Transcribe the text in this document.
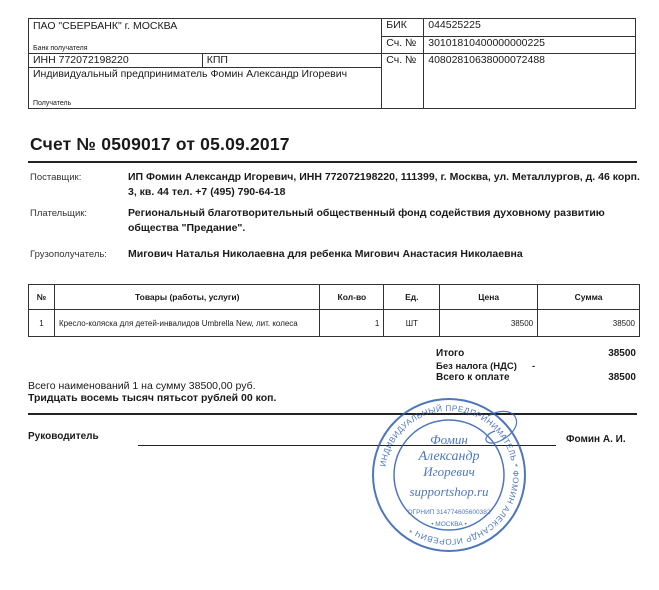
ПАО "СБЕРБАНК" г. МОСКВА
Банк получателя		БИК	044525225
		Сч. №	30101810400000000225
ИНН 772072198220	КПП	Сч. №	40802810638000072488

Индивидуальный предприниматель Фомин Александр Игоревич
Получатель			
Счет № 0509017 от 05.09.2017
Поставщик:	ИП Фомин Александр Игоревич, ИНН 772072198220, 111399, г. Москва, ул. Металлургов, д. 46 корп. 3, кв. 44 тел. +7 (495) 790-64-18
Плательщик:	Региональный благотворительный общественный фонд содействия духовному развитию общества "Предание".
Грузополучатель: Мигович Наталья Николаевна для ребенка Мигович Анастасия Николаевна
№	Товары (работы, услуги)	Кол-во	Ед.	Цена	Сумма
1	Кресло-коляска для детей-инвалидов Umbrella New, лит. колеса	1	ШТ	38500	38500
Итого	38500
Без налога (НДС) -
Всего к оплате	38500
Всего наименований 1 на сумму 38500,00 руб.
Тридцать восемь тысяч пятьсот рублей 00 коп.
Руководитель	Фомин А. И.
ИНДИВИДУАЛЬНЫЙ ПРЕДПРИНИМАТЕЛЬ * ФОМИН АЛЕКСАНДР ИГОРЕВИЧ *
Фомин
Александр
Игоревич
supportshop.ru
ОГРНИП 314774605600382
• МОСКВА •
